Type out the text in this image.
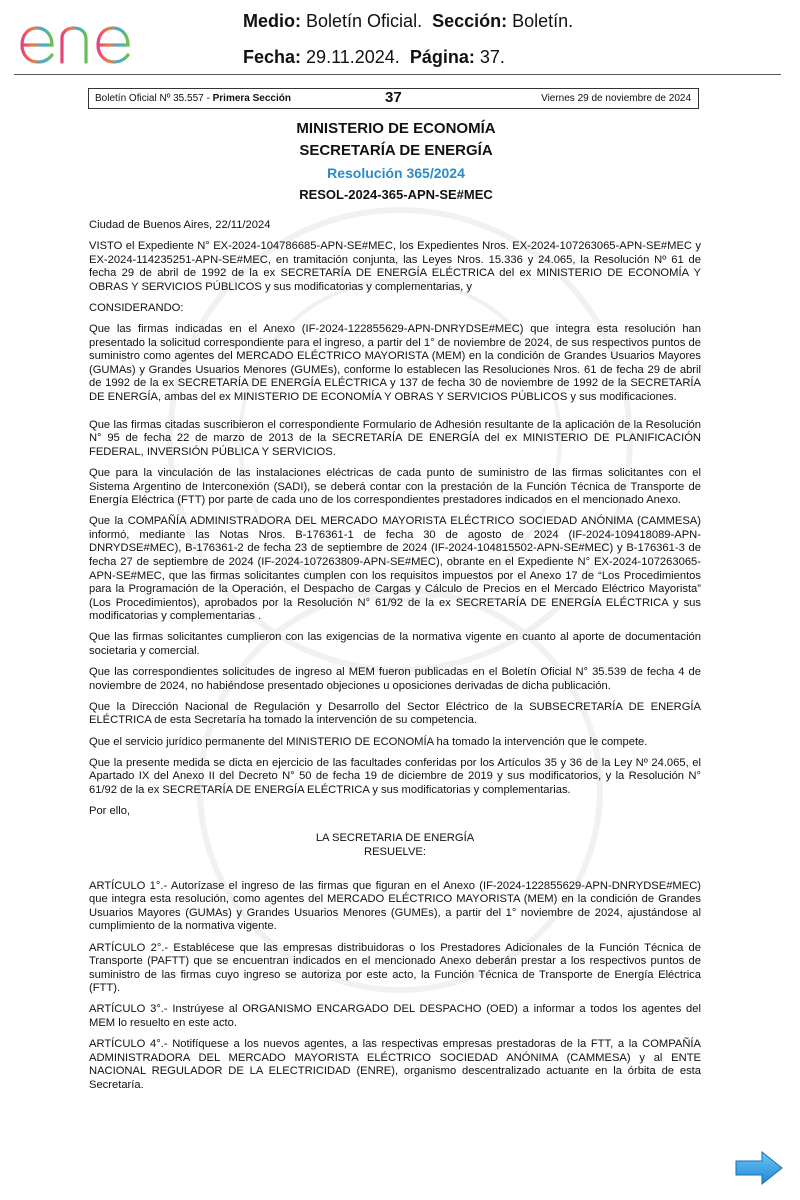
Medio: Boletín Oficial. Sección: Boletín.
Fecha: 29.11.2024. Página: 37.
Boletín Oficial Nº 35.557 - Primera Sección	37	Viernes 29 de noviembre de 2024
MINISTERIO DE ECONOMÍA
SECRETARÍA DE ENERGÍA
Resolución 365/2024
RESOL-2024-365-APN-SE#MEC

Ciudad de Buenos Aires, 22/11/2024

VISTO el Expediente N° EX-2024-104786685-APN-SE#MEC, los Expedientes Nros. EX-2024-107263065-APN-SE#MEC y EX-2024-114235251-APN-SE#MEC, en tramitación conjunta, las Leyes Nros. 15.336 y 24.065, la Resolución Nº 61 de fecha 29 de abril de 1992 de la ex SECRETARÍA DE ENERGÍA ELÉCTRICA del ex MINISTERIO DE ECONOMÍA Y OBRAS Y SERVICIOS PÚBLICOS y sus modificatorias y complementarias, y

CONSIDERANDO:

Que las firmas indicadas en el Anexo (IF-2024-122855629-APN-DNRYDSE#MEC) que integra esta resolución han presentado la solicitud correspondiente para el ingreso, a partir del 1° de noviembre de 2024, de sus respectivos puntos de suministro como agentes del MERCADO ELÉCTRICO MAYORISTA (MEM) en la condición de Grandes Usuarios Mayores (GUMAs) y Grandes Usuarios Menores (GUMEs), conforme lo establecen las Resoluciones Nros. 61 de fecha 29 de abril de 1992 de la ex SECRETARÍA DE ENERGÍA ELÉCTRICA y 137 de fecha 30 de noviembre de 1992 de la SECRETARÍA DE ENERGÍA, ambas del ex MINISTERIO DE ECONOMÍA Y OBRAS Y SERVICIOS PÚBLICOS y sus modificaciones.

Que las firmas citadas suscribieron el correspondiente Formulario de Adhesión resultante de la aplicación de la Resolución N° 95 de fecha 22 de marzo de 2013 de la SECRETARÍA DE ENERGÍA del ex MINISTERIO DE PLANIFICACIÓN FEDERAL, INVERSIÓN PÚBLICA Y SERVICIOS.

Que para la vinculación de las instalaciones eléctricas de cada punto de suministro de las firmas solicitantes con el Sistema Argentino de Interconexión (SADI), se deberá contar con la prestación de la Función Técnica de Transporte de Energía Eléctrica (FTT) por parte de cada uno de los correspondientes prestadores indicados en el mencionado Anexo.

Que la COMPAÑÍA ADMINISTRADORA DEL MERCADO MAYORISTA ELÉCTRICO SOCIEDAD ANÓNIMA (CAMMESA) informó, mediante las Notas Nros. B-176361-1 de fecha 30 de agosto de 2024 (IF-2024-109418089-APN-DNRYDSE#MEC), B-176361-2 de fecha 23 de septiembre de 2024 (IF-2024-104815502-APN-SE#MEC) y B-176361-3 de fecha 27 de septiembre de 2024 (IF-2024-107263809-APN-SE#MEC), obrante en el Expediente N° EX-2024-107263065-APN-SE#MEC, que las firmas solicitantes cumplen con los requisitos impuestos por el Anexo 17 de “Los Procedimientos para la Programación de la Operación, el Despacho de Cargas y Cálculo de Precios en el Mercado Eléctrico Mayorista” (Los Procedimientos), aprobados por la Resolución N° 61/92 de la ex SECRETARÍA DE ENERGÍA ELÉCTRICA y sus modificatorias y complementarias .

Que las firmas solicitantes cumplieron con las exigencias de la normativa vigente en cuanto al aporte de documentación societaria y comercial.

Que las correspondientes solicitudes de ingreso al MEM fueron publicadas en el Boletín Oficial N° 35.539 de fecha 4 de noviembre de 2024, no habiéndose presentado objeciones u oposiciones derivadas de dicha publicación.

Que la Dirección Nacional de Regulación y Desarrollo del Sector Eléctrico de la SUBSECRETARÍA DE ENERGÍA ELÉCTRICA de esta Secretaría ha tomado la intervención de su competencia.

Que el servicio jurídico permanente del MINISTERIO DE ECONOMÍA ha tomado la intervención que le compete.

Que la presente medida se dicta en ejercicio de las facultades conferidas por los Artículos 35 y 36 de la Ley Nº 24.065, el Apartado IX del Anexo II del Decreto N° 50 de fecha 19 de diciembre de 2019 y sus modificatorios, y la Resolución N° 61/92 de la ex SECRETARÍA DE ENERGÍA ELÉCTRICA y sus modificatorias y complementarias.

Por ello,

LA SECRETARIA DE ENERGÍA
RESUELVE:

ARTÍCULO 1°.- Autorízase el ingreso de las firmas que figuran en el Anexo (IF-2024-122855629-APN-DNRYDSE#MEC) que integra esta resolución, como agentes del MERCADO ELÉCTRICO MAYORISTA (MEM) en la condición de Grandes Usuarios Mayores (GUMAs) y Grandes Usuarios Menores (GUMEs), a partir del 1° noviembre de 2024, ajustándose al cumplimiento de la normativa vigente.

ARTÍCULO 2°.- Establécese que las empresas distribuidoras o los Prestadores Adicionales de la Función Técnica de Transporte (PAFTT) que se encuentran indicados en el mencionado Anexo deberán prestar a los respectivos puntos de suministro de las firmas cuyo ingreso se autoriza por este acto, la Función Técnica de Transporte de Energía Eléctrica (FTT).

ARTÍCULO 3°.- Instrúyese al ORGANISMO ENCARGADO DEL DESPACHO (OED) a informar a todos los agentes del MEM lo resuelto en este acto.

ARTÍCULO 4°.- Notifíquese a los nuevos agentes, a las respectivas empresas prestadoras de la FTT, a la COMPAÑÍA ADMINISTRADORA DEL MERCADO MAYORISTA ELÉCTRICO SOCIEDAD ANÓNIMA (CAMMESA) y al ENTE NACIONAL REGULADOR DE LA ELECTRICIDAD (ENRE), organismo descentralizado actuante en la órbita de esta Secretaría.
